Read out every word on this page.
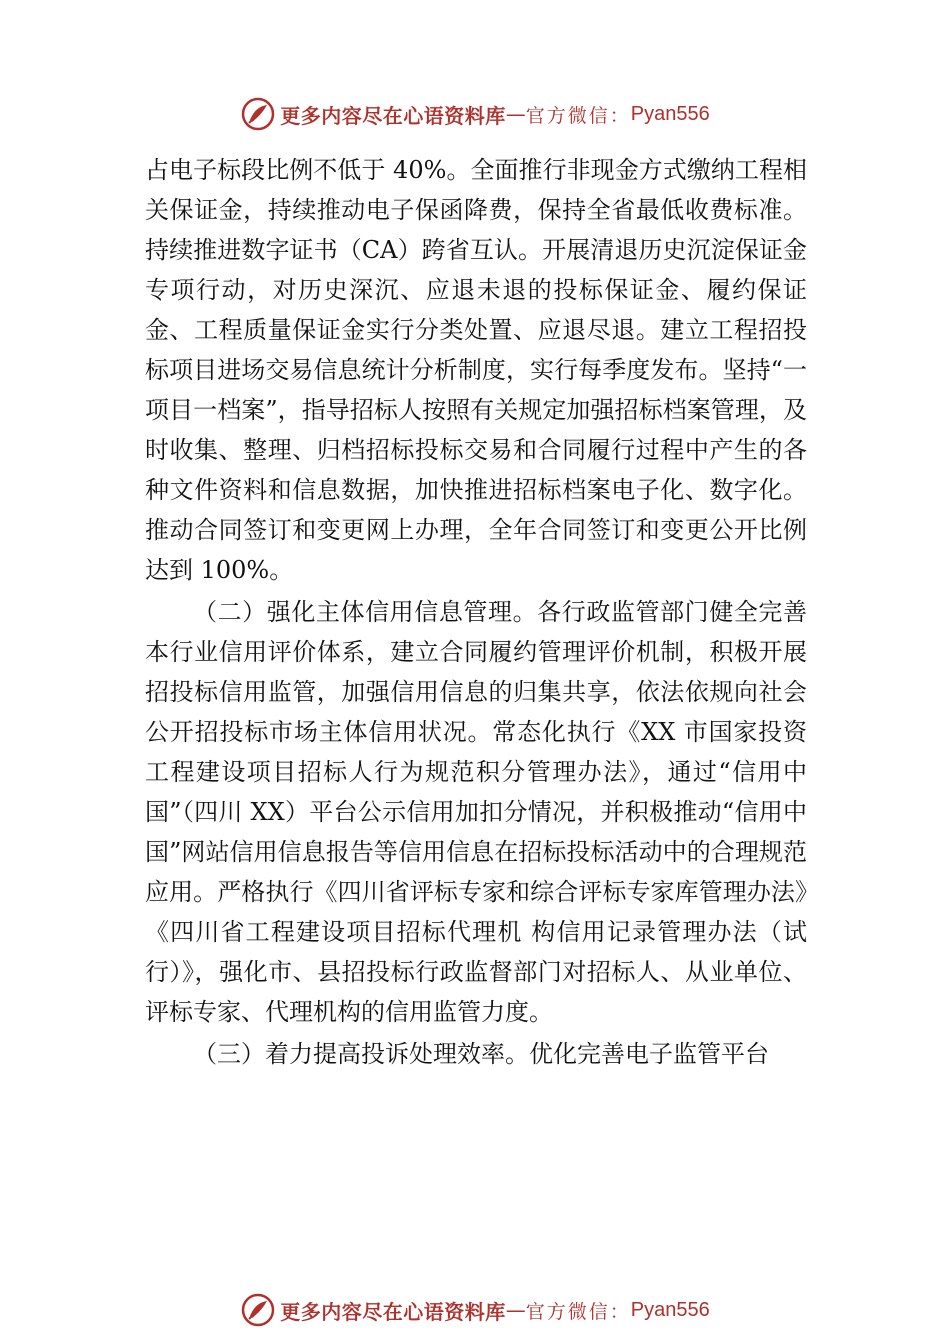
更多内容尽在心语资料库 — 官方微信： Pyan556

占电子标段比例不低于 40%。全面推行非现金方式缴纳工程相关保证金，持续推动电子保函降费，保持全省最低收费标准。持续推进数字证书（CA）跨省互认。开展清退历史沉淀保证金专项行动，对历史深沉、应退未退的投标保证金、履约保证金、工程质量保证金实行分类处置、应退尽退。建立工程招投标项目进场交易信息统计分析制度，实行每季度发布。坚持“一项目一档案”，指导招标人按照有关规定加强招标档案管理，及时收集、整理、归档招标投标交易和合同履行过程中产生的各种文件资料和信息数据，加快推进招标档案电子化、数字化。推动合同签订和变更网上办理，全年合同签订和变更公开比例达到 100%。

（二）强化主体信用信息管理。各行政监管部门健全完善本行业信用评价体系，建立合同履约管理评价机制，积极开展招投标信用监管，加强信用信息的归集共享，依法依规向社会公开招投标市场主体信用状况。常态化执行《XX 市国家投资工程建设项目招标人行为规范积分管理办法》，通过“信用中国”（四川 XX）平台公示信用加扣分情况，并积极推动“信用中国”网站信用信息报告等信用信息在招标投标活动中的合理规范应用。严格执行《四川省评标专家和综合评标专家库管理办法》《四川省工程建设项目招标代理机 构信用记录管理办法（试行）》，强化市、县招投标行政监督部门对招标人、从业单位、评标专家、代理机构的信用监管力度。

（三）着力提高投诉处理效率。优化完善电子监管平台

更多内容尽在心语资料库 — 官方微信： Pyan556
